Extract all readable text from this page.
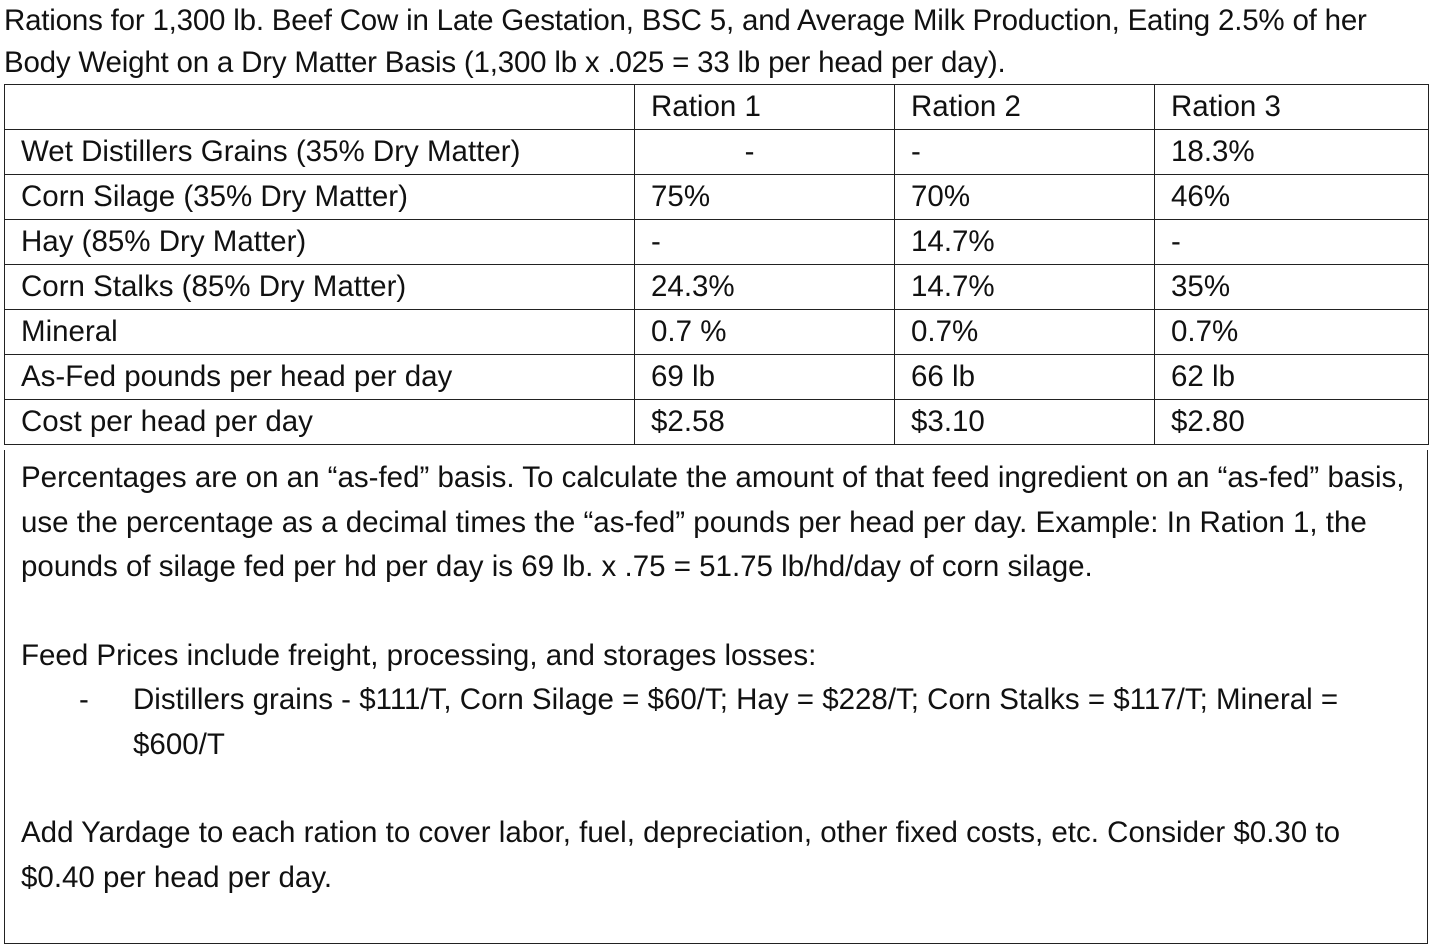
Rations for 1,300 lb. Beef Cow in Late Gestation, BSC 5, and Average Milk Production, Eating 2.5% of her Body Weight on a Dry Matter Basis (1,300 lb x .025 = 33 lb per head per day).
	Ration 1	Ration 2	Ration 3
Wet Distillers Grains (35% Dry Matter)	-	-	18.3%
Corn Silage (35% Dry Matter)	75%	70%	46%
Hay (85% Dry Matter)	-	14.7%	-
Corn Stalks (85% Dry Matter)	24.3%	14.7%	35%
Mineral	0.7 %	0.7%	0.7%
As-Fed pounds per head per day	69 lb	66 lb	62 lb
Cost per head per day	$2.58	$3.10	$2.80

Percentages are on an “as-fed” basis. To calculate the amount of that feed ingredient on an “as-fed” basis, use the percentage as a decimal times the “as-fed” pounds per head per day. Example: In Ration 1, the pounds of silage fed per hd per day is 69 lb. x .75 = 51.75 lb/hd/day of corn silage.

Feed Prices include freight, processing, and storages losses:

-	Distillers grains - $111/T, Corn Silage = $60/T; Hay = $228/T; Corn Stalks = $117/T; Mineral = $600/T

Add Yardage to each ration to cover labor, fuel, depreciation, other fixed costs, etc. Consider $0.30 to $0.40 per head per day.
